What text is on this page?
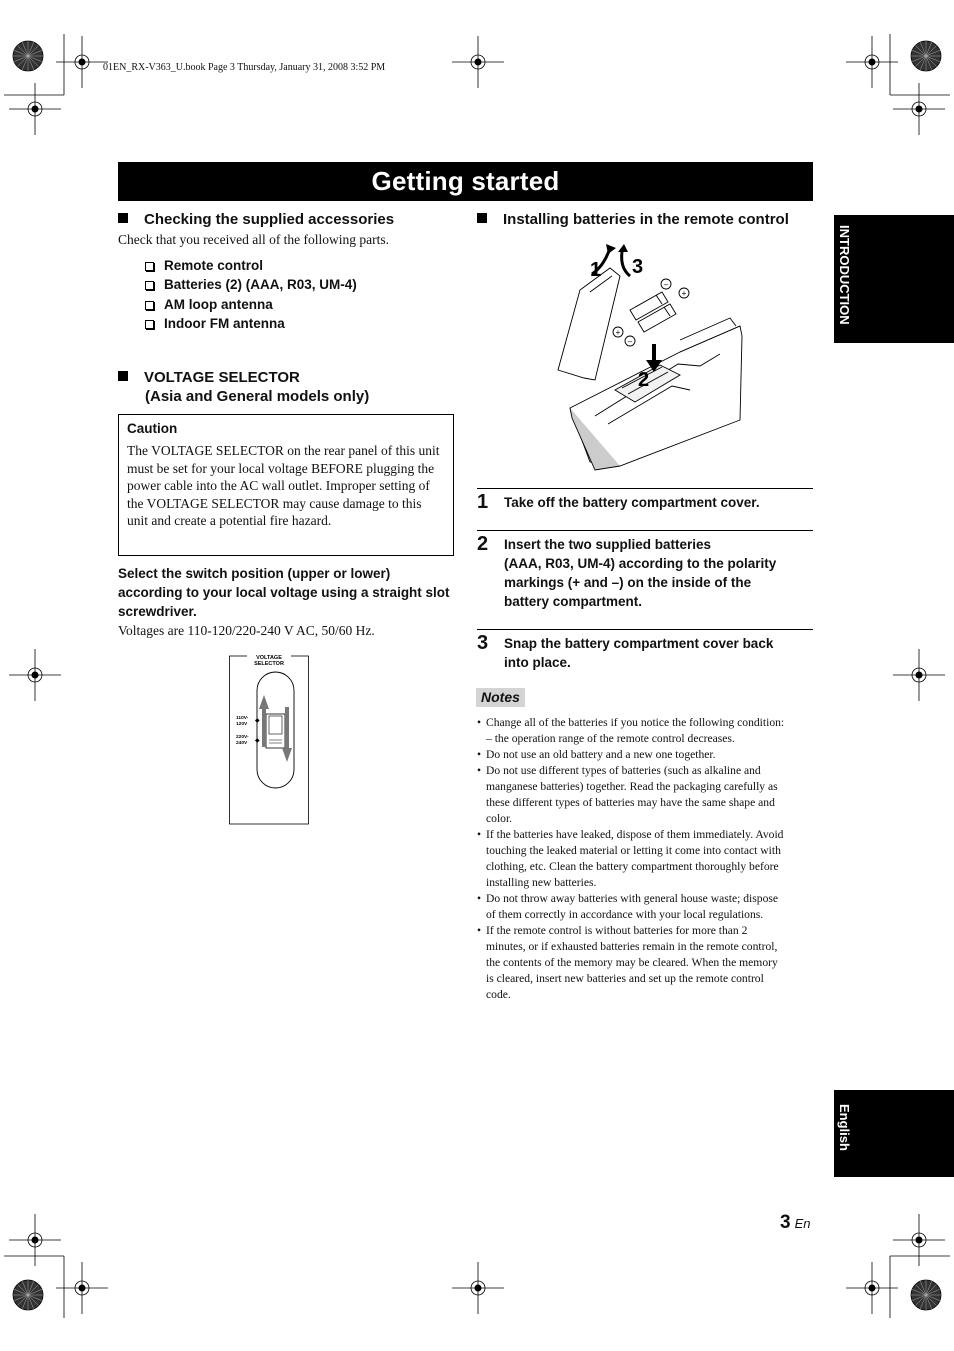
01EN_RX-V363_U.book Page 3 Thursday, January 31, 2008 3:52 PM
Getting started
Checking the supplied accessories
Check that you received all of the following parts.
Remote control
Batteries (2) (AAA, R03, UM-4)
AM loop antenna
Indoor FM antenna
VOLTAGE SELECTOR
(Asia and General models only)
Caution
The VOLTAGE SELECTOR on the rear panel of this unit must be set for your local voltage BEFORE plugging the power cable into the AC wall outlet. Improper setting of the VOLTAGE SELECTOR may cause damage to this unit and create a potential fire hazard.
Select the switch position (upper or lower) according to your local voltage using a straight slot screwdriver.
Voltages are 110-120/220-240 V AC, 50/60 Hz.
VOLTAGE
SELECTOR
110V-
120V
◆
220V-
240V ◆
Installing batteries in the remote control
–
+
+
–
1 3
2
1 Take off the battery compartment cover.
2 Insert the two supplied batteries
(AAA, R03, UM-4) according to the polarity
markings (+ and –) on the inside of the
battery compartment.
3 Snap the battery compartment cover back
into place.
Notes
• Change all of the batteries if you notice the following condition:
– the operation range of the remote control decreases.
• Do not use an old battery and a new one together.
• Do not use different types of batteries (such as alkaline and
manganese batteries) together. Read the packaging carefully as
these different types of batteries may have the same shape and
color.
• If the batteries have leaked, dispose of them immediately. Avoid
touching the leaked material or letting it come into contact with
clothing, etc. Clean the battery compartment thoroughly before
installing new batteries.
• Do not throw away batteries with general house waste; dispose
of them correctly in accordance with your local regulations.
• If the remote control is without batteries for more than 2
minutes, or if exhausted batteries remain in the remote control,
the contents of the memory may be cleared. When the memory
is cleared, insert new batteries and set up the remote control
code.
INTRODUCTION
English
3 En
